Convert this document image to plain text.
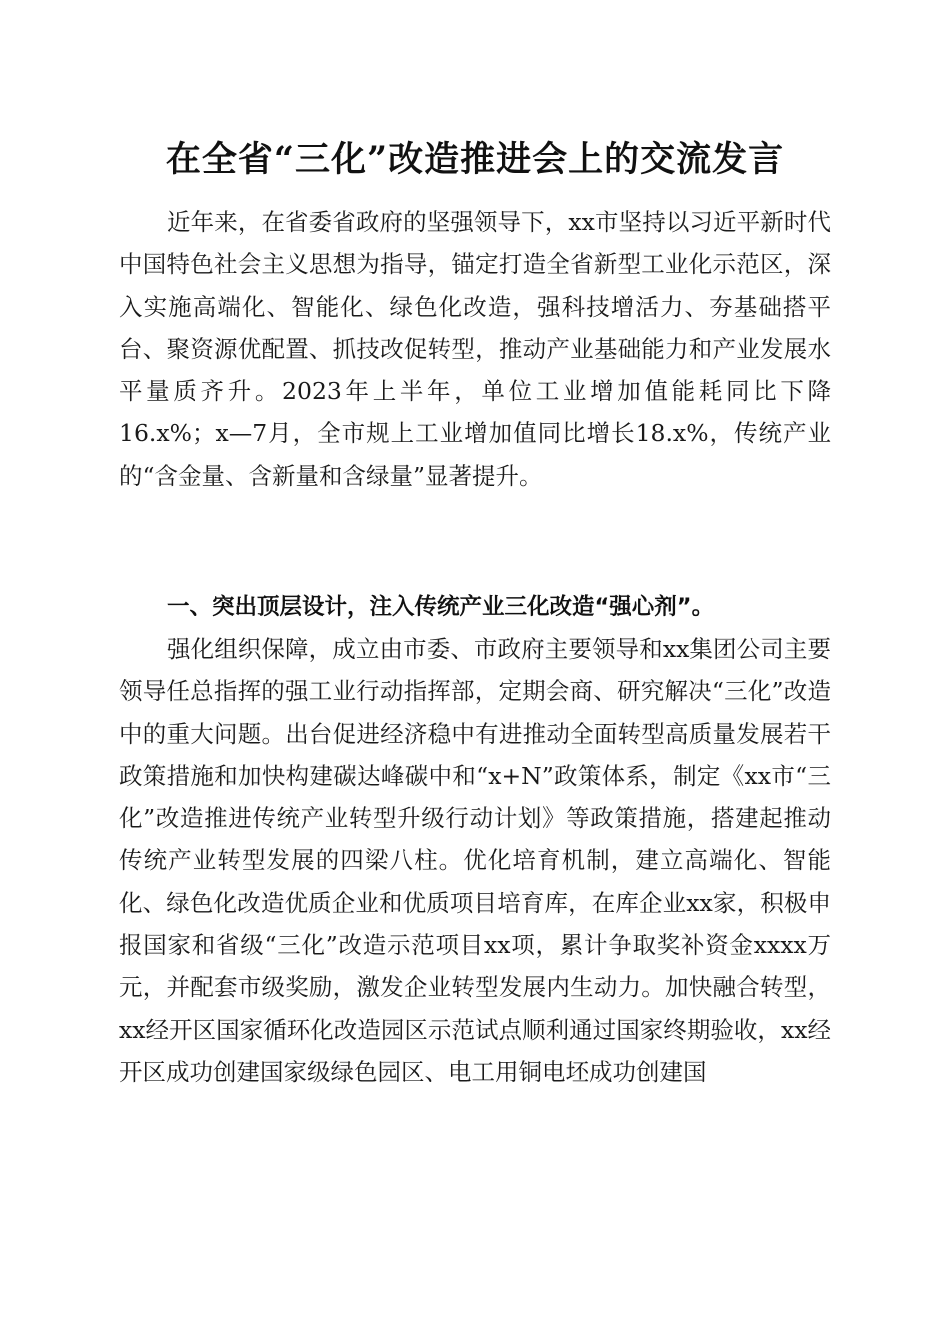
在全省“三化”改造推进会上的交流发言

近年来，在省委省政府的坚强领导下，xx市坚持以习近平新时代中国特色社会主义思想为指导，锚定打造全省新型工业化示范区，深入实施高端化、智能化、绿色化改造，强科技增活力、夯基础搭平台、聚资源优配置、抓技改促转型，推动产业基础能力和产业发展水平量质齐升。2023年上半年，单位工业增加值能耗同比下降16.x%；x—7月，全市规上工业增加值同比增长18.x%，传统产业的“含金量、含新量和含绿量”显著提升。

一、突出顶层设计，注入传统产业三化改造“强心剂”。

强化组织保障，成立由市委、市政府主要领导和xx集团公司主要领导任总指挥的强工业行动指挥部，定期会商、研究解决“三化”改造中的重大问题。出台促进经济稳中有进推动全面转型高质量发展若干政策措施和加快构建碳达峰碳中和“x+N”政策体系，制定《xx市“三化”改造推进传统产业转型升级行动计划》等政策措施，搭建起推动传统产业转型发展的四梁八柱。优化培育机制，建立高端化、智能化、绿色化改造优质企业和优质项目培育库，在库企业xx家，积极申报国家和省级“三化”改造示范项目xx项，累计争取奖补资金xxxx万元，并配套市级奖励，激发企业转型发展内生动力。加快融合转型，xx经开区国家循环化改造园区示范试点顺利通过国家终期验收，xx经开区成功创建国家级绿色园区、电工用铜电坯成功创建国
